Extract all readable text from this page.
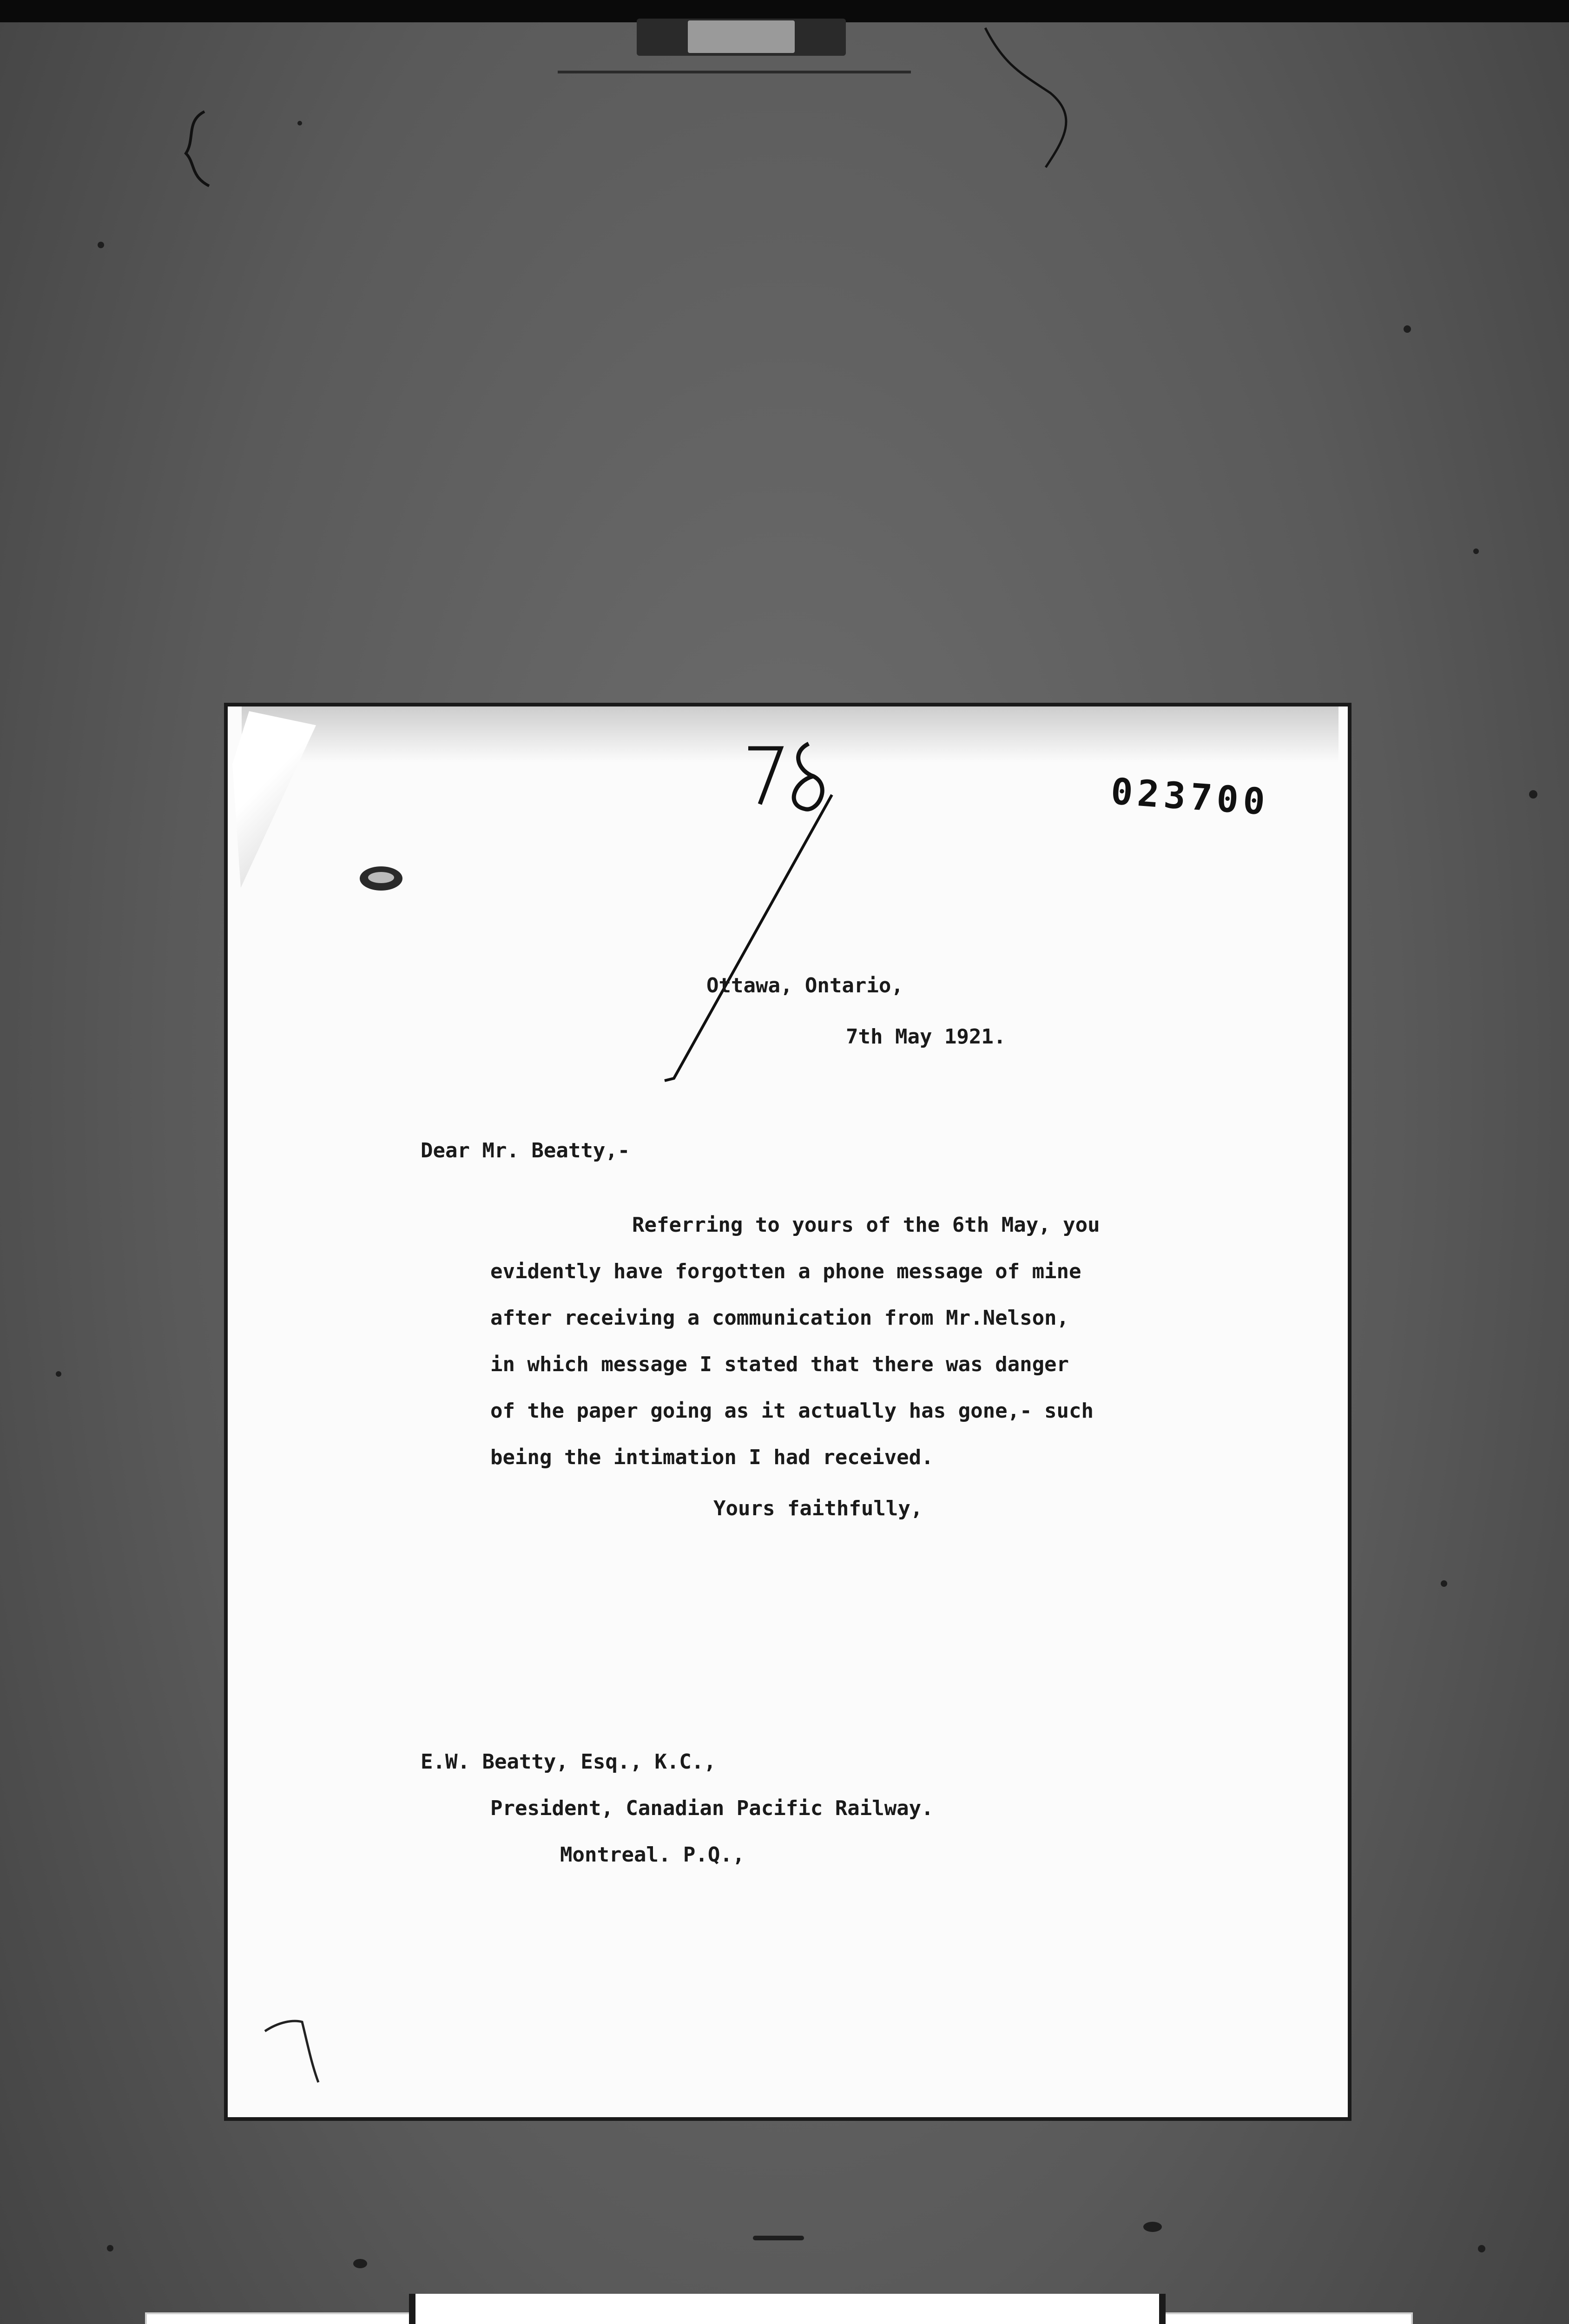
023700
Ottawa, Ontario,
7th May 1921.
Dear Mr. Beatty,-
Referring to yours of the 6th May, you
evidently have forgotten a phone message of mine
after receiving a communication from Mr.Nelson,
in which message I stated that there was danger
of the paper going as it actually has gone,- such
being the intimation I had received.
Yours faithfully,
E.W. Beatty, Esq., K.C.,
President, Canadian Pacific Railway.
Montreal. P.Q.,
